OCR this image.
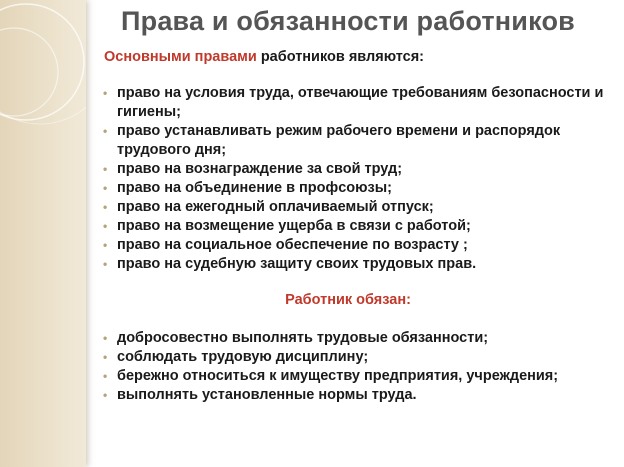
Права и обязанности работников
Основными правами работников являются:
• право на условия труда, отвечающие требованиям безопасности и гигиены;
• право устанавливать режим рабочего времени и распорядок трудового дня;
• право на вознаграждение за свой труд;
• право на объединение в профсоюзы;
• право на ежегодный оплачиваемый отпуск;
• право на возмещение ущерба в связи с работой;
• право на социальное обеспечение по возрасту ;
• право на судебную защиту своих трудовых прав.
Работник обязан:
• добросовестно выполнять трудовые обязанности;
• соблюдать трудовую дисциплину;
• бережно относиться к имуществу предприятия, учреждения;
• выполнять установленные нормы труда.
